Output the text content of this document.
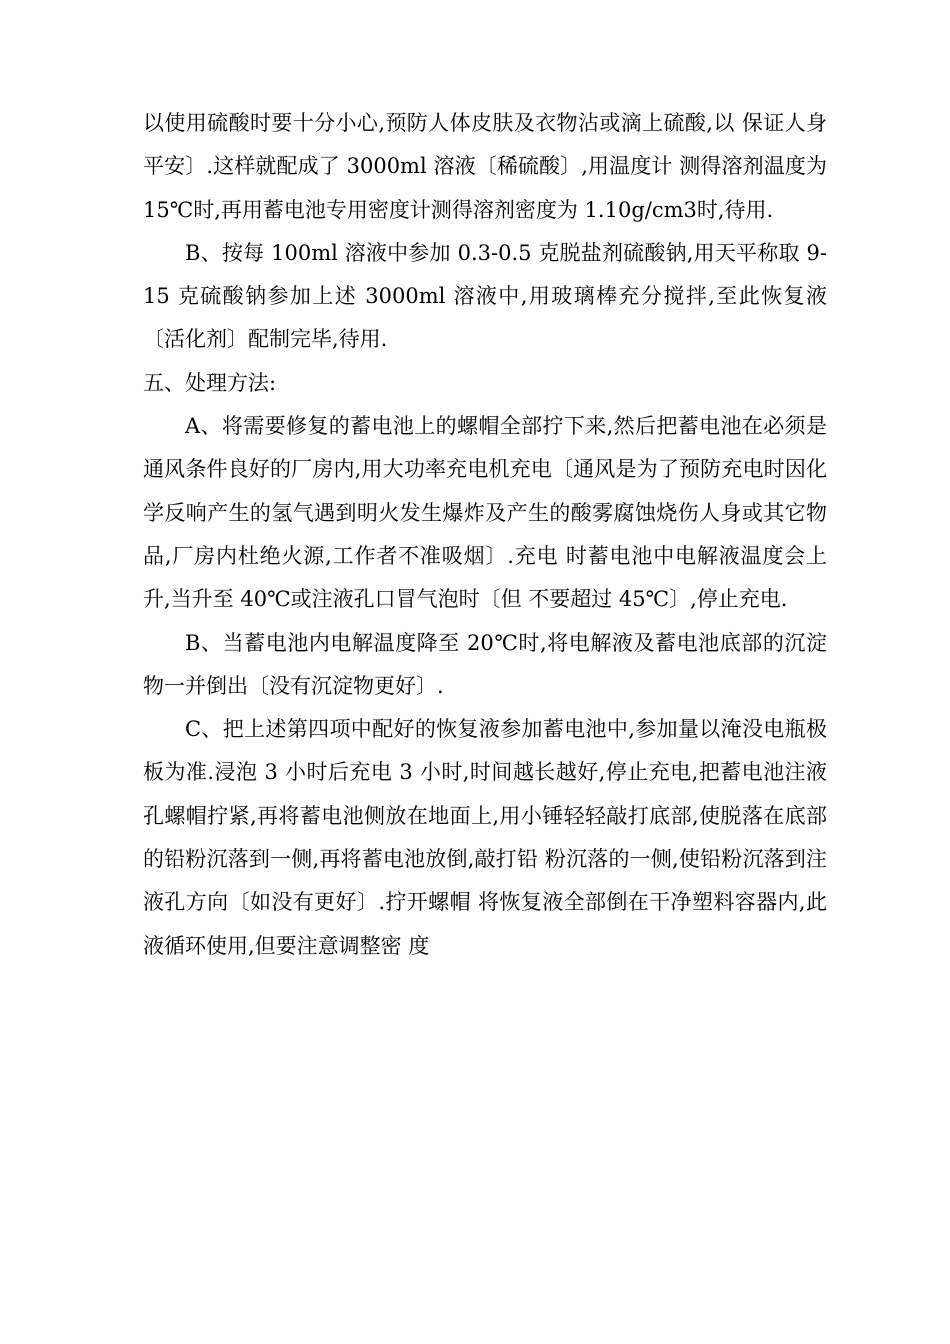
以使用硫酸时要十分小心,预防人体皮肤及衣物沾或滴上硫酸,以 保证人身平安〕.这样就配成了 3000ml 溶液〔稀硫酸〕,用温度计 测得溶剂温度为 15℃时,再用蓄电池专用密度计测得溶剂密度为 1.10g/cm3时,待用.

B、按每 100ml 溶液中参加 0.3-0.5 克脱盐剂硫酸钠,用天平称取 9-15 克硫酸钠参加上述 3000ml 溶液中,用玻璃棒充分搅拌,至此恢复液〔活化剂〕配制完毕,待用.

五、处理方法:

A、将需要修复的蓄电池上的螺帽全部拧下来,然后把蓄电池在必须是通风条件良好的厂房内,用大功率充电机充电〔通风是为了预防充电时因化学反响产生的氢气遇到明火发生爆炸及产生的酸雾腐蚀烧伤人身或其它物品,厂房内杜绝火源,工作者不准吸烟〕.充电 时蓄电池中电解液温度会上升,当升至 40℃或注液孔口冒气泡时〔但 不要超过 45℃〕,停止充电.

B、当蓄电池内电解温度降至 20℃时,将电解液及蓄电池底部的沉淀物一并倒出〔没有沉淀物更好〕.

C、把上述第四项中配好的恢复液参加蓄电池中,参加量以淹没电瓶极板为准.浸泡 3 小时后充电 3 小时,时间越长越好,停止充电,把蓄电池注液孔螺帽拧紧,再将蓄电池侧放在地面上,用小锤轻轻敲打底部,使脱落在底部的铅粉沉落到一侧,再将蓄电池放倒,敲打铅 粉沉落的一侧,使铅粉沉落到注液孔方向〔如没有更好〕.拧开螺帽 将恢复液全部倒在干净塑料容器内,此液循环使用,但要注意调整密 度
